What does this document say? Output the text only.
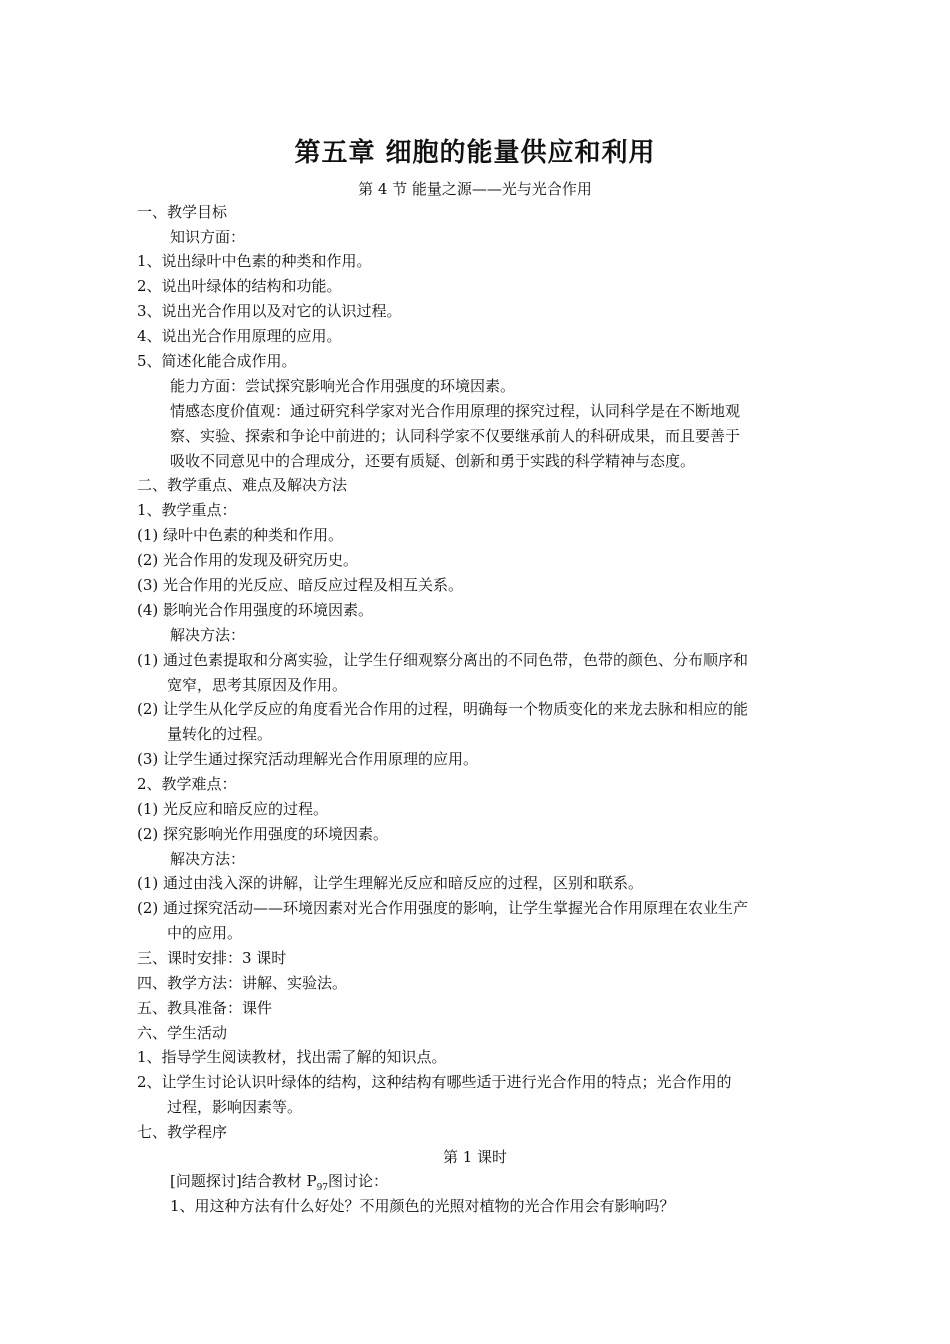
第五章 细胞的能量供应和利用
第 4 节 能量之源——光与光合作用
一、教学目标
知识方面：
1、说出绿叶中色素的种类和作用。
2、说出叶绿体的结构和功能。
3、说出光合作用以及对它的认识过程。
4、说出光合作用原理的应用。
5、简述化能合成作用。
能力方面：尝试探究影响光合作用强度的环境因素。
情感态度价值观：通过研究科学家对光合作用原理的探究过程，认同科学是在不断地观
察、实验、探索和争论中前进的；认同科学家不仅要继承前人的科研成果，而且要善于
吸收不同意见中的合理成分，还要有质疑、创新和勇于实践的科学精神与态度。
二、教学重点、难点及解决方法
1、教学重点：
(1) 绿叶中色素的种类和作用。
(2) 光合作用的发现及研究历史。
(3) 光合作用的光反应、暗反应过程及相互关系。
(4) 影响光合作用强度的环境因素。
解决方法：
(1) 通过色素提取和分离实验，让学生仔细观察分离出的不同色带，色带的颜色、分布顺序和
宽窄，思考其原因及作用。
(2) 让学生从化学反应的角度看光合作用的过程，明确每一个物质变化的来龙去脉和相应的能
量转化的过程。
(3) 让学生通过探究活动理解光合作用原理的应用。
2、教学难点：
(1) 光反应和暗反应的过程。
(2) 探究影响光作用强度的环境因素。
解决方法：
(1) 通过由浅入深的讲解，让学生理解光反应和暗反应的过程，区别和联系。
(2) 通过探究活动——环境因素对光合作用强度的影响，让学生掌握光合作用原理在农业生产
中的应用。
三、课时安排：3 课时
四、教学方法：讲解、实验法。
五、教具准备：课件
六、学生活动
1、指导学生阅读教材，找出需了解的知识点。
2、让学生讨论认识叶绿体的结构，这种结构有哪些适于进行光合作用的特点；光合作用的
过程，影响因素等。
七、教学程序
第 1 课时
[问题探讨]结合教材 $P_{97}$图讨论：
1、用这种方法有什么好处？不用颜色的光照对植物的光合作用会有影响吗？
